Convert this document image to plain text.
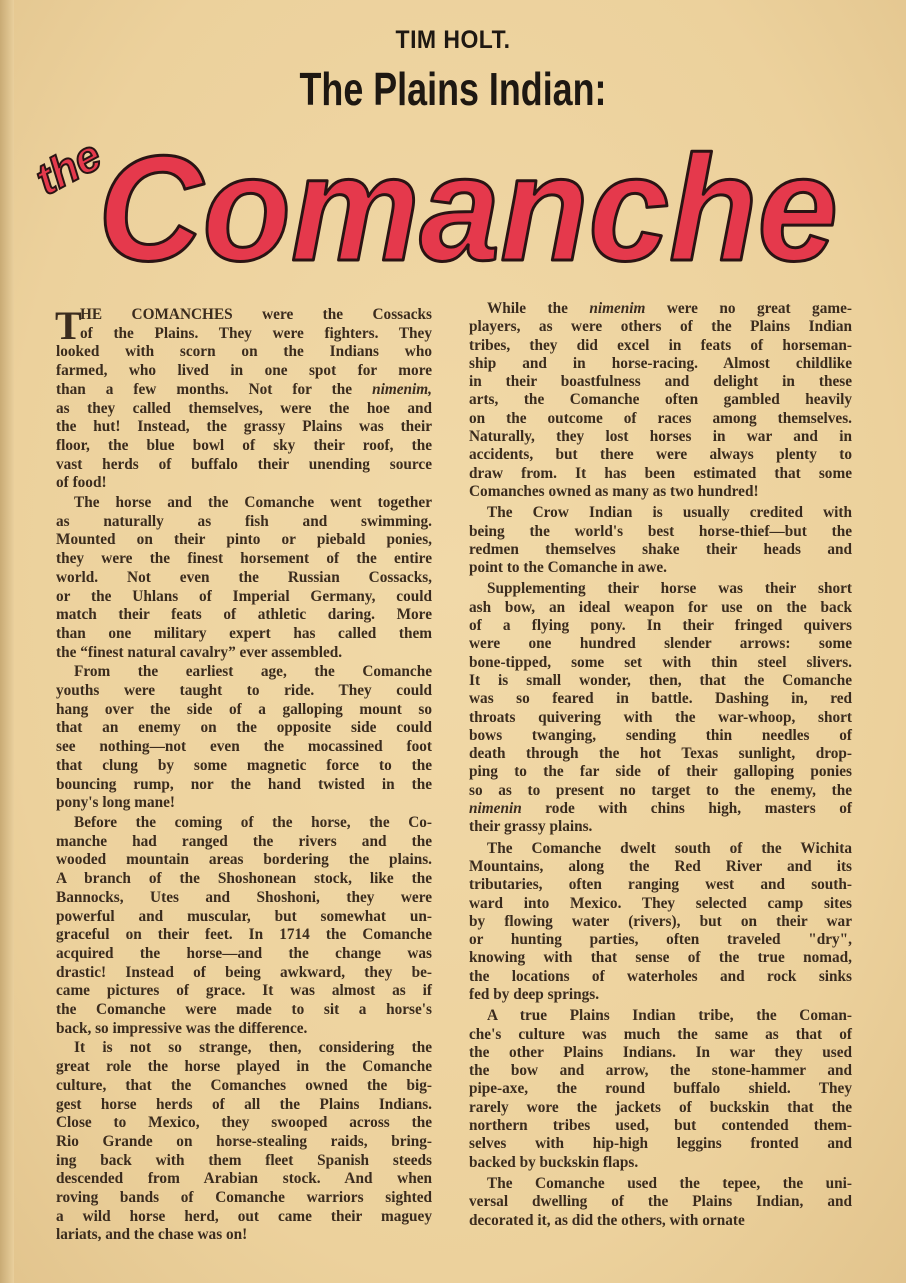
TIM HOLT.
The Plains Indian:
the
Comanche
T
HE COMANCHES were the Cossacks
of the Plains. They were fighters. They
looked with scorn on the Indians who
farmed, who lived in one spot for more
than a few months. Not for the nimenim,
as they called themselves, were the hoe and
the hut! Instead, the grassy Plains was their
floor, the blue bowl of sky their roof, the
vast herds of buffalo their unending source
of food!
The horse and the Comanche went together
as naturally as fish and swimming.
Mounted on their pinto or piebald ponies,
they were the finest horsement of the entire
world. Not even the Russian Cossacks,
or the Uhlans of Imperial Germany, could
match their feats of athletic daring. More
than one military expert has called them
the “finest natural cavalry” ever assembled.
From the earliest age, the Comanche
youths were taught to ride. They could
hang over the side of a galloping mount so
that an enemy on the opposite side could
see nothing—not even the mocassined foot
that clung by some magnetic force to the
bouncing rump, nor the hand twisted in the
pony's long mane!
Before the coming of the horse, the Co-
manche had ranged the rivers and the
wooded mountain areas bordering the plains.
A branch of the Shoshonean stock, like the
Bannocks, Utes and Shoshoni, they were
powerful and muscular, but somewhat un-
graceful on their feet. In 1714 the Comanche
acquired the horse—and the change was
drastic! Instead of being awkward, they be-
came pictures of grace. It was almost as if
the Comanche were made to sit a horse's
back, so impressive was the difference.
It is not so strange, then, considering the
great role the horse played in the Comanche
culture, that the Comanches owned the big-
gest horse herds of all the Plains Indians.
Close to Mexico, they swooped across the
Rio Grande on horse-stealing raids, bring-
ing back with them fleet Spanish steeds
descended from Arabian stock. And when
roving bands of Comanche warriors sighted
a wild horse herd, out came their maguey
lariats, and the chase was on!
While the nimenim were no great game-
players, as were others of the Plains Indian
tribes, they did excel in feats of horseman-
ship and in horse-racing. Almost childlike
in their boastfulness and delight in these
arts, the Comanche often gambled heavily
on the outcome of races among themselves.
Naturally, they lost horses in war and in
accidents, but there were always plenty to
draw from. It has been estimated that some
Comanches owned as many as two hundred!
The Crow Indian is usually credited with
being the world's best horse-thief—but the
redmen themselves shake their heads and
point to the Comanche in awe.
Supplementing their horse was their short
ash bow, an ideal weapon for use on the back
of a flying pony. In their fringed quivers
were one hundred slender arrows: some
bone-tipped, some set with thin steel slivers.
It is small wonder, then, that the Comanche
was so feared in battle. Dashing in, red
throats quivering with the war-whoop, short
bows twanging, sending thin needles of
death through the hot Texas sunlight, drop-
ping to the far side of their galloping ponies
so as to present no target to the enemy, the
nimenin rode with chins high, masters of
their grassy plains.
The Comanche dwelt south of the Wichita
Mountains, along the Red River and its
tributaries, often ranging west and south-
ward into Mexico. They selected camp sites
by flowing water (rivers), but on their war
or hunting parties, often traveled "dry",
knowing with that sense of the true nomad,
the locations of waterholes and rock sinks
fed by deep springs.
A true Plains Indian tribe, the Coman-
che's culture was much the same as that of
the other Plains Indians. In war they used
the bow and arrow, the stone-hammer and
pipe-axe, the round buffalo shield. They
rarely wore the jackets of buckskin that the
northern tribes used, but contended them-
selves with hip-high leggins fronted and
backed by buckskin flaps.
The Comanche used the tepee, the uni-
versal dwelling of the Plains Indian, and
decorated it, as did the others, with ornate
